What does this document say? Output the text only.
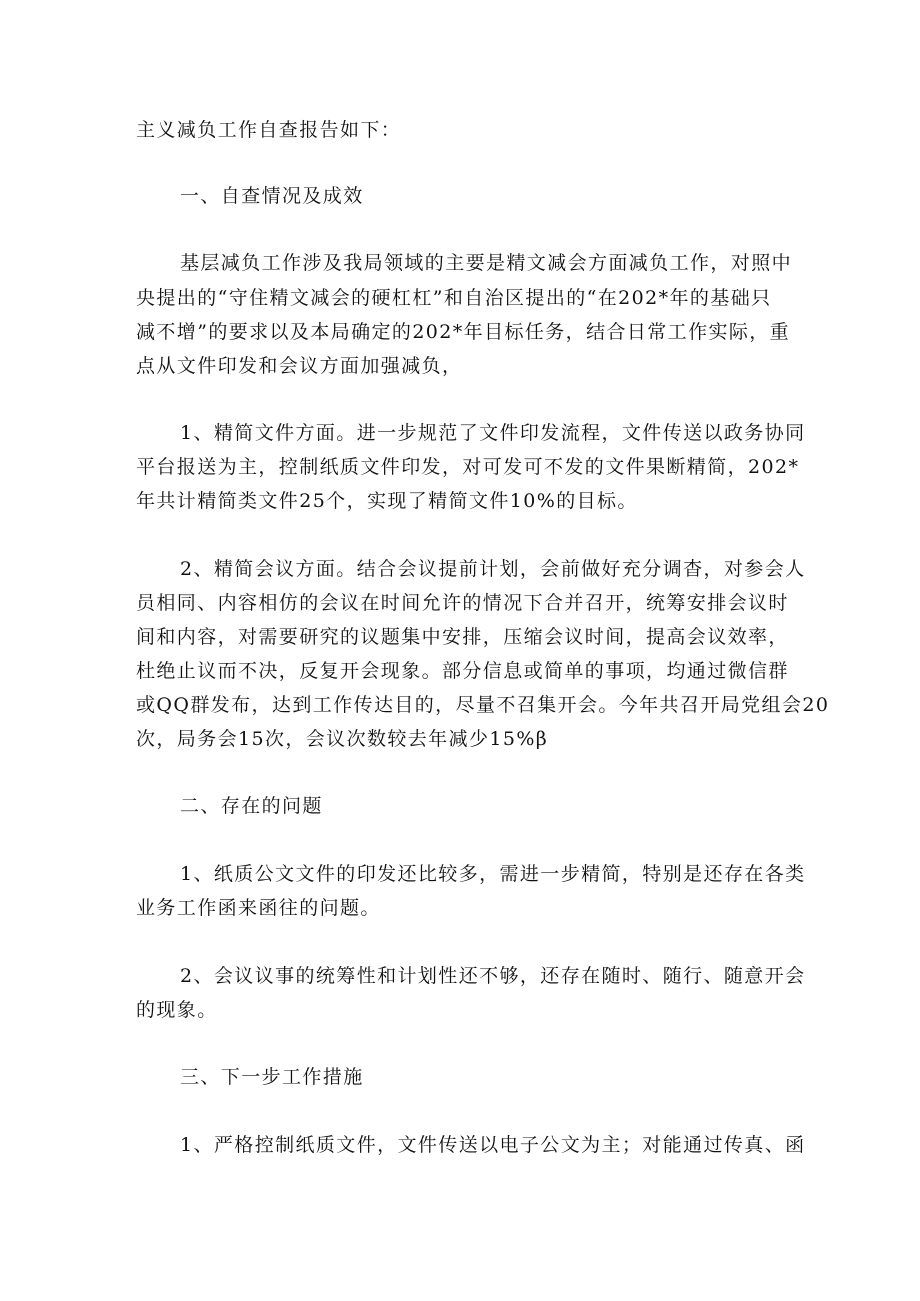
主义减负工作自查报告如下：
一、自查情况及成效
基层减负工作涉及我局领域的主要是精文减会方面减负工作，对照中
央提出的“守住精文减会的硬杠杠”和自治区提出的“在202*年的基础只
减不增”的要求以及本局确定的202*年目标任务，结合日常工作实际，重
点从文件印发和会议方面加强减负，
1、精简文件方面。进一步规范了文件印发流程，文件传送以政务协同
平台报送为主，控制纸质文件印发，对可发可不发的文件果断精简，202*
年共计精简类文件25个，实现了精简文件10%的目标。
2、精简会议方面。结合会议提前计划，会前做好充分调杳，对参会人
员相同、内容相仿的会议在时间允许的情况下合并召开，统筹安排会议时
间和内容，对需要研究的议题集中安排，压缩会议时间，提高会议效率，
杜绝止议而不决，反复开会现象。部分信息或简单的事项，均通过微信群
或QQ群发布，达到工作传达目的，尽量不召集开会。今年共召开局党组会20
次，局务会15次，会议次数较去年减少15%β
二、存在的问题
1、纸质公文文件的印发还比较多，需进一步精简，特别是还存在各类
业务工作函来函往的问题。
2、会议议事的统筹性和计划性还不够，还存在随时、随行、随意开会
的现象。
三、下一步工作措施
1、严格控制纸质文件，文件传送以电子公文为主；对能通过传真、函
